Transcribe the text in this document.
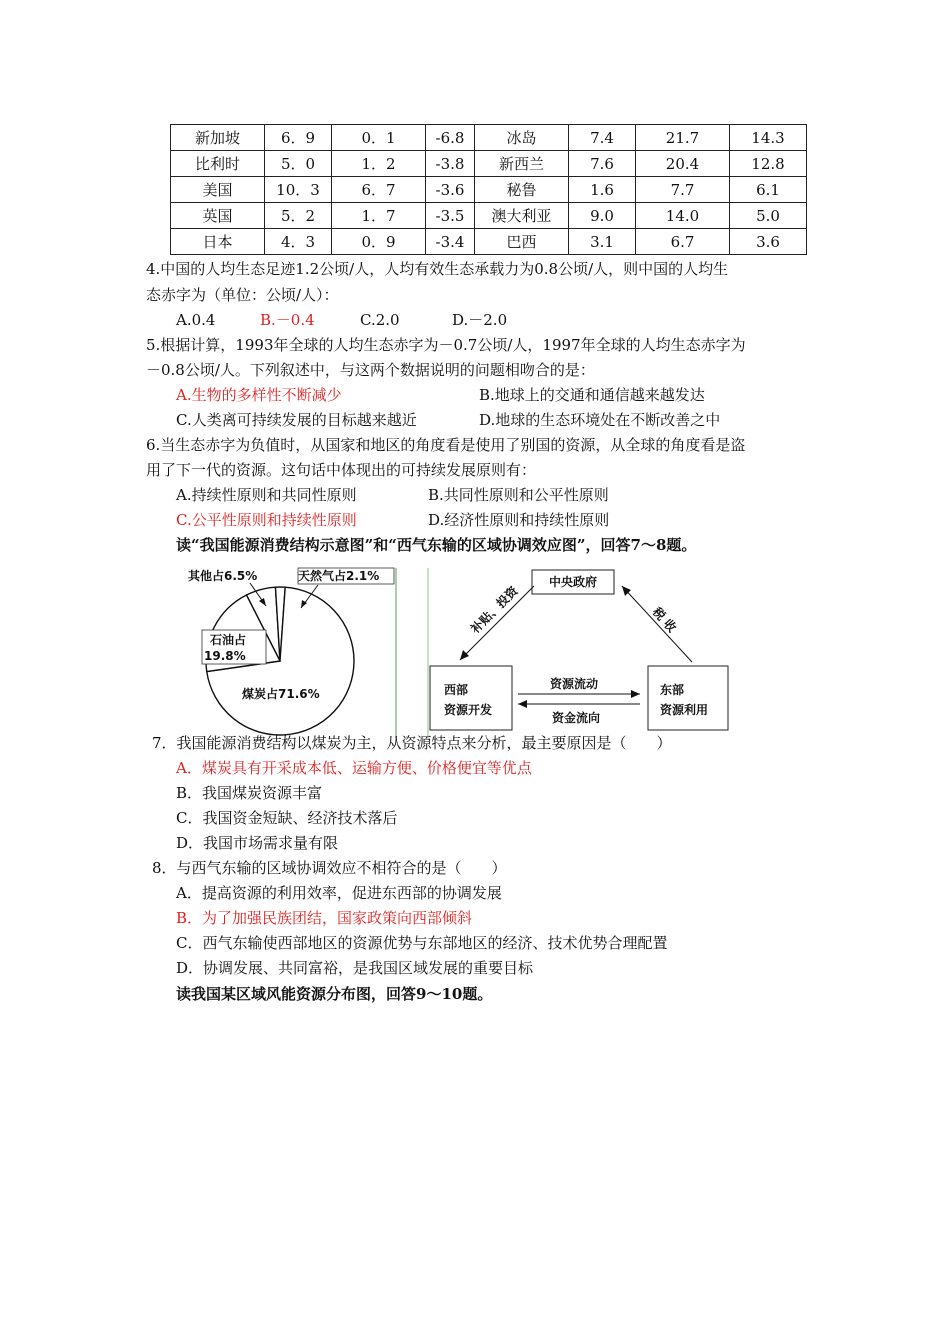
新加坡	6．9	0．1	-6.8	冰岛	7.4	21.7	14.3
比利时	5．0	1．2	-3.8	新西兰	7.6	20.4	12.8
美国	10．3	6．7	-3.6	秘鲁	1.6	7.7	6.1
英国	5．2	1．7	-3.5	澳大利亚	9.0	14.0	5.0
日本	4．3	0．9	-3.4	巴西	3.1	6.7	3.6
4.中国的人均生态足迹1.2公顷/人，人均有效生态承载力为0.8公顷/人，则中国的人均生
态赤字为（单位：公顷/人）：
A.0.4	B.－0.4	C.2.0	D.－2.0
5.根据计算，1993年全球的人均生态赤字为－0.7公顷/人，1997年全球的人均生态赤字为
－0.8公顷/人。下列叙述中，与这两个数据说明的问题相吻合的是：
A.生物的多样性不断减少	B.地球上的交通和通信越来越发达
C.人类离可持续发展的目标越来越近	D.地球的生态环境处在不断改善之中
6.当生态赤字为负值时，从国家和地区的角度看是使用了别国的资源，从全球的角度看是盗
用了下一代的资源。这句话中体现出的可持续发展原则有：
A.持续性原则和共同性原则	B.共同性原则和公平性原则
C.公平性原则和持续性原则	D.经济性原则和持续性原则
读“我国能源消费结构示意图”和“西气东输的区域协调效应图”，回答7～8题。
其他占6.5%	天然气占2.1%
石油占
19.8%
煤炭占71.6%
中央政府
西部
资源开发
东部
资源利用
补贴、投资	税 收
资源流动
资金流向
7．我国能源消费结构以煤炭为主，从资源特点来分析，最主要原因是（　　）
A．煤炭具有开采成本低、运输方便、价格便宜等优点
B．我国煤炭资源丰富
C．我国资金短缺、经济技术落后
D．我国市场需求量有限
8．与西气东输的区域协调效应不相符合的是（　　）
A．提高资源的利用效率，促进东西部的协调发展
B．为了加强民族团结，国家政策向西部倾斜
C．西气东输使西部地区的资源优势与东部地区的经济、技术优势合理配置
D．协调发展、共同富裕，是我国区域发展的重要目标
读我国某区域风能资源分布图，回答9～10题。
